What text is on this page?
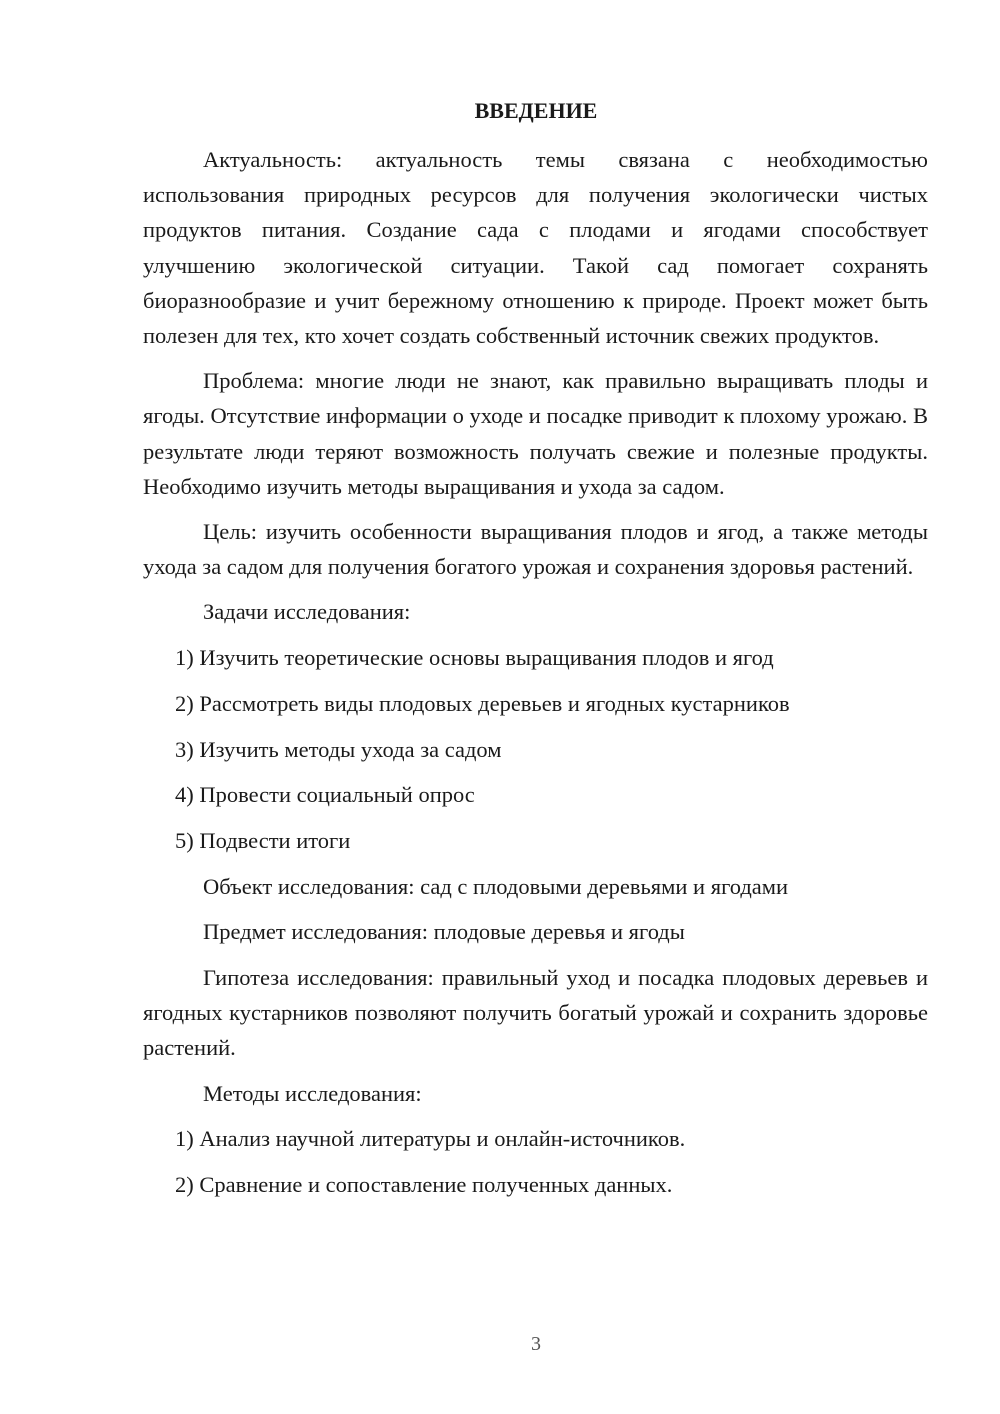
ВВЕДЕНИЕ

Актуальность: актуальность темы связана с необходимостью использования природных ресурсов для получения экологически чистых продуктов питания. Создание сада с плодами и ягодами способствует улучшению экологической ситуации. Такой сад помогает сохранять биоразнообразие и учит бережному отношению к природе. Проект может быть полезен для тех, кто хочет создать собственный источник свежих продуктов.

Проблема: многие люди не знают, как правильно выращивать плоды и ягоды. Отсутствие информации о уходе и посадке приводит к плохому урожаю. В результате люди теряют возможность получать свежие и полезные продукты. Необходимо изучить методы выращивания и ухода за садом.

Цель: изучить особенности выращивания плодов и ягод, а также методы ухода за садом для получения богатого урожая и сохранения здоровья растений.

Задачи исследования:

1) Изучить теоретические основы выращивания плодов и ягод

2) Рассмотреть виды плодовых деревьев и ягодных кустарников

3) Изучить методы ухода за садом

4) Провести социальный опрос

5) Подвести итоги

Объект исследования: сад с плодовыми деревьями и ягодами

Предмет исследования: плодовые деревья и ягоды

Гипотеза исследования: правильный уход и посадка плодовых деревьев и ягодных кустарников позволяют получить богатый урожай и сохранить здоровье растений.

Методы исследования:

1) Анализ научной литературы и онлайн-источников.

2) Сравнение и сопоставление полученных данных.

3
